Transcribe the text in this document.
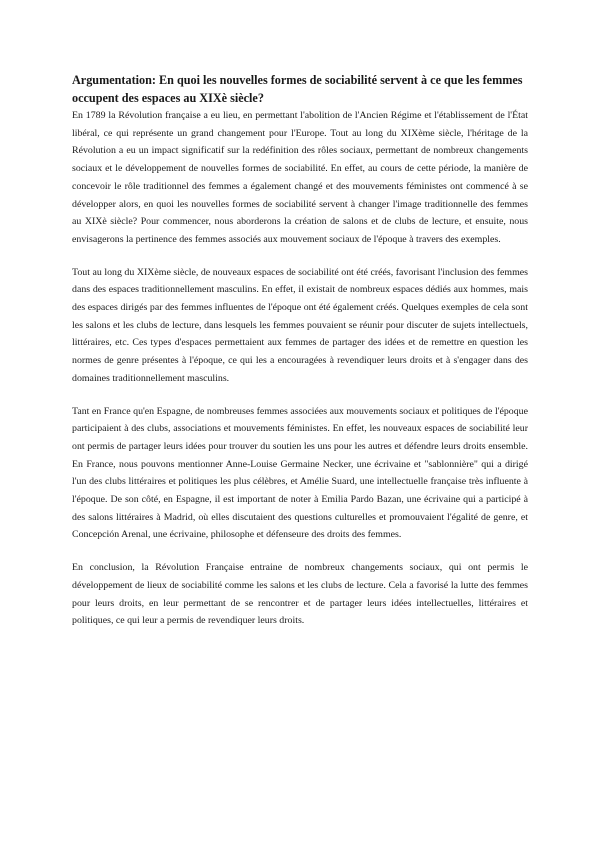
Argumentation: En quoi les nouvelles formes de sociabilité servent à ce que les femmes occupent des espaces au XIXè siècle?

En 1789 la Révolution française a eu lieu, en permettant l'abolition de l'Ancien Régime et l'établissement de l'État libéral, ce qui représente un grand changement pour l'Europe. Tout au long du XIXème siècle, l'héritage de la Révolution a eu un impact significatif sur la redéfinition des rôles sociaux, permettant de nombreux changements sociaux et le développement de nouvelles formes de sociabilité. En effet, au cours de cette période, la manière de concevoir le rôle traditionnel des femmes a également changé et des mouvements féministes ont commencé à se développer alors, en quoi les nouvelles formes de sociabilité servent à changer l'image traditionnelle des femmes au XIXè siècle? Pour commencer, nous aborderons la création de salons et de clubs de lecture, et ensuite, nous envisagerons la pertinence des femmes associés aux mouvement sociaux de l'époque à travers des exemples.

Tout au long du XIXème siècle, de nouveaux espaces de sociabilité ont été créés, favorisant l'inclusion des femmes dans des espaces traditionnellement masculins. En effet, il existait de nombreux espaces dédiés aux hommes, mais des espaces dirigés par des femmes influentes de l'époque ont été également créés. Quelques exemples de cela sont les salons et les clubs de lecture, dans lesquels les femmes pouvaient se réunir pour discuter de sujets intellectuels, littéraires, etc. Ces types d'espaces permettaient aux femmes de partager des idées et de remettre en question les normes de genre présentes à l'époque, ce qui les a encouragées à revendiquer leurs droits et à s'engager dans des domaines traditionnellement masculins.

Tant en France qu'en Espagne, de nombreuses femmes associées aux mouvements sociaux et politiques de l'époque participaient à des clubs, associations et mouvements féministes. En effet, les nouveaux espaces de sociabilité leur ont permis de partager leurs idées pour trouver du soutien les uns pour les autres et défendre leurs droits ensemble. En France, nous pouvons mentionner Anne-Louise Germaine Necker, une écrivaine et "sablonnière" qui a dirigé l'un des clubs littéraires et politiques les plus célèbres, et Amélie Suard, une intellectuelle française très influente à l'époque. De son côté, en Espagne, il est important de noter à Emilia Pardo Bazan, une écrivaine qui a participé à des salons littéraires à Madrid, où elles discutaient des questions culturelles et promouvaient l'égalité de genre, et Concepción Arenal, une écrivaine, philosophe et défenseure des droits des femmes.

En conclusion, la Révolution Française entraine de nombreux changements sociaux, qui ont permis le développement de lieux de sociabilité comme les salons et les clubs de lecture. Cela a favorisé la lutte des femmes pour leurs droits, en leur permettant de se rencontrer et de partager leurs idées intellectuelles, littéraires et politiques, ce qui leur a permis de revendiquer leurs droits.
